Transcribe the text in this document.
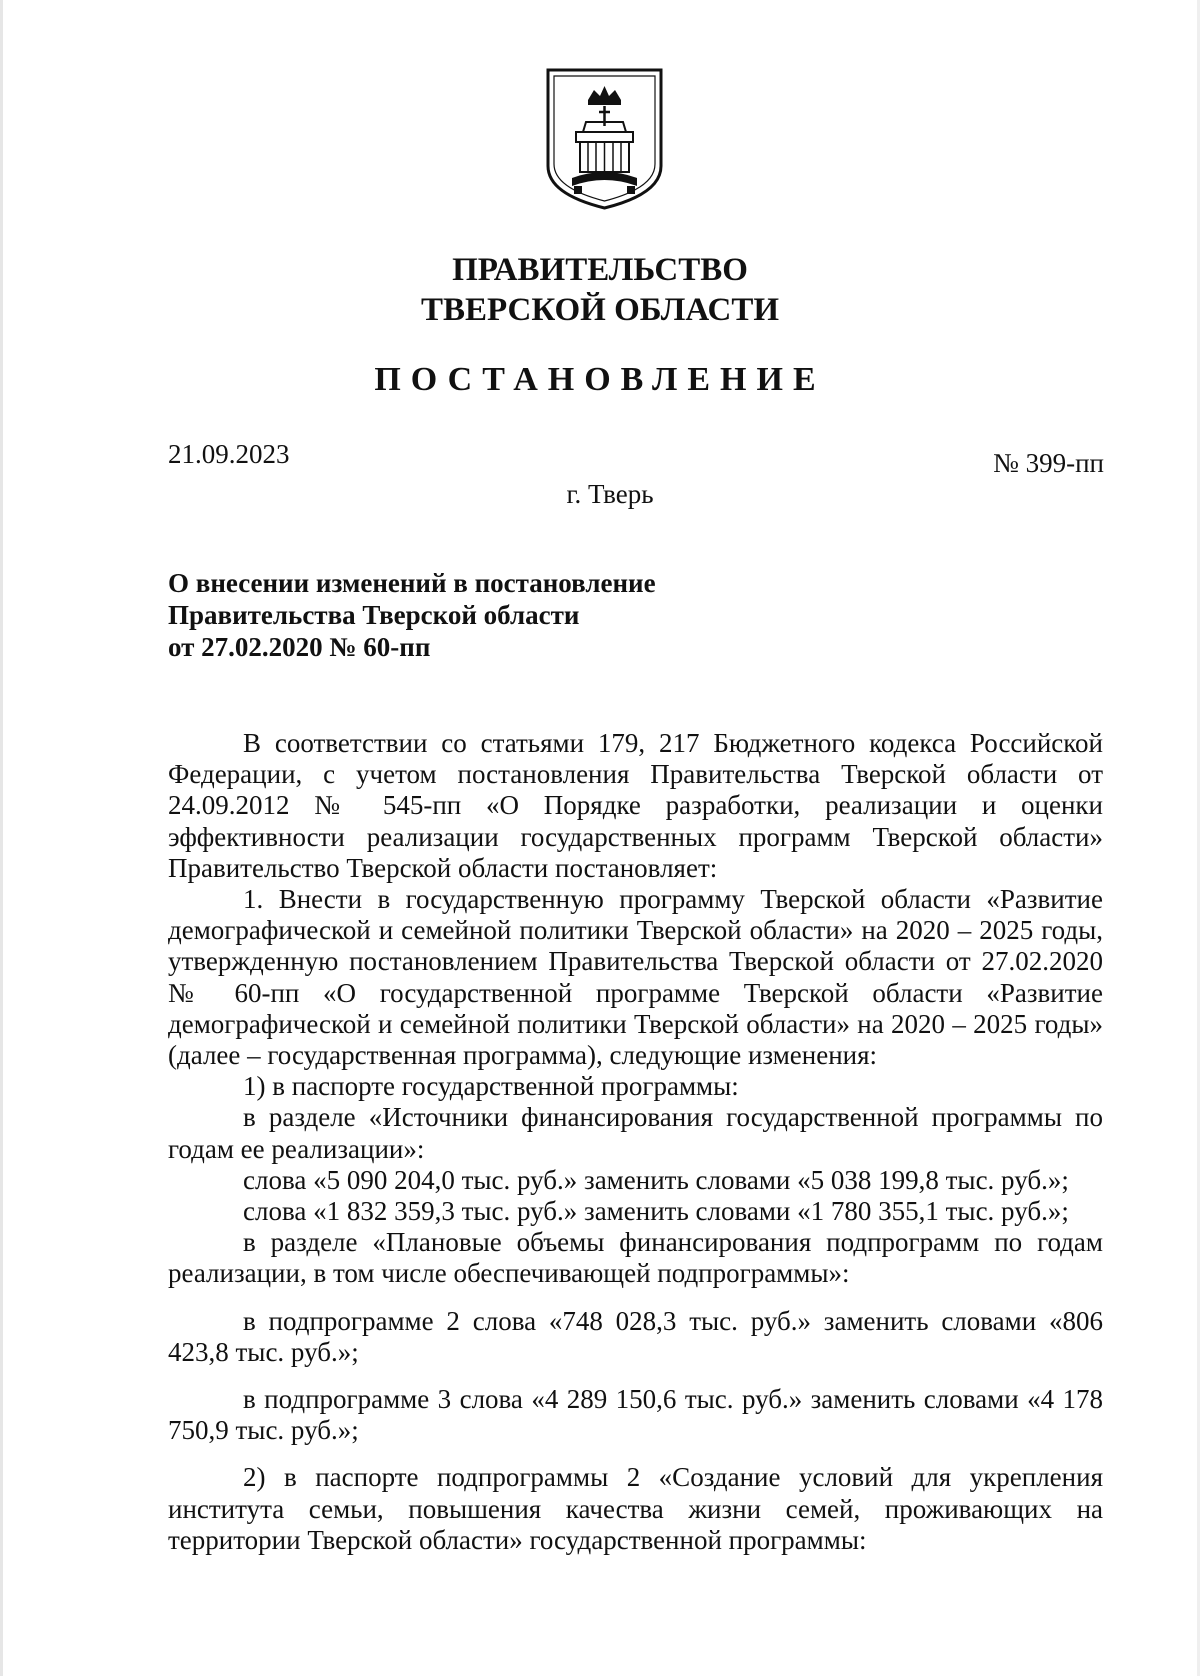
ПРАВИТЕЛЬСТВО
ТВЕРСКОЙ ОБЛАСТИ
ПОСТАНОВЛЕНИЕ
21.09.2023	№ 399-пп
г. Тверь
О внесении изменений в постановление
Правительства Тверской области
от 27.02.2020 № 60-пп

В соответствии со статьями 179, 217 Бюджетного кодекса Российской Федерации, с учетом постановления Правительства Тверской области от 24.09.2012 № 545-пп «О Порядке разработки, реализации и оценки эффективности реализации государственных программ Тверской области» Правительство Тверской области постановляет:

1. Внести в государственную программу Тверской области «Развитие демографической и семейной политики Тверской области» на 2020 – 2025 годы, утвержденную постановлением Правительства Тверской области от 27.02.2020 № 60-пп «О государственной программе Тверской области «Развитие демографической и семейной политики Тверской области» на 2020 – 2025 годы» (далее – государственная программа), следующие изменения:

1) в паспорте государственной программы:

в разделе «Источники финансирования государственной программы по годам ее реализации»:

слова «5 090 204,0 тыс. руб.» заменить словами «5 038 199,8 тыс. руб.»;

слова «1 832 359,3 тыс. руб.» заменить словами «1 780 355,1 тыс. руб.»;

в разделе «Плановые объемы финансирования подпрограмм по годам реализации, в том числе обеспечивающей подпрограммы»:

в подпрограмме 2 слова «748 028,3 тыс. руб.» заменить словами «806 423,8 тыс. руб.»;

в подпрограмме 3 слова «4 289 150,6 тыс. руб.» заменить словами «4 178 750,9 тыс. руб.»;

2) в паспорте подпрограммы 2 «Создание условий для укрепления института семьи, повышения качества жизни семей, проживающих на территории Тверской области» государственной программы:
